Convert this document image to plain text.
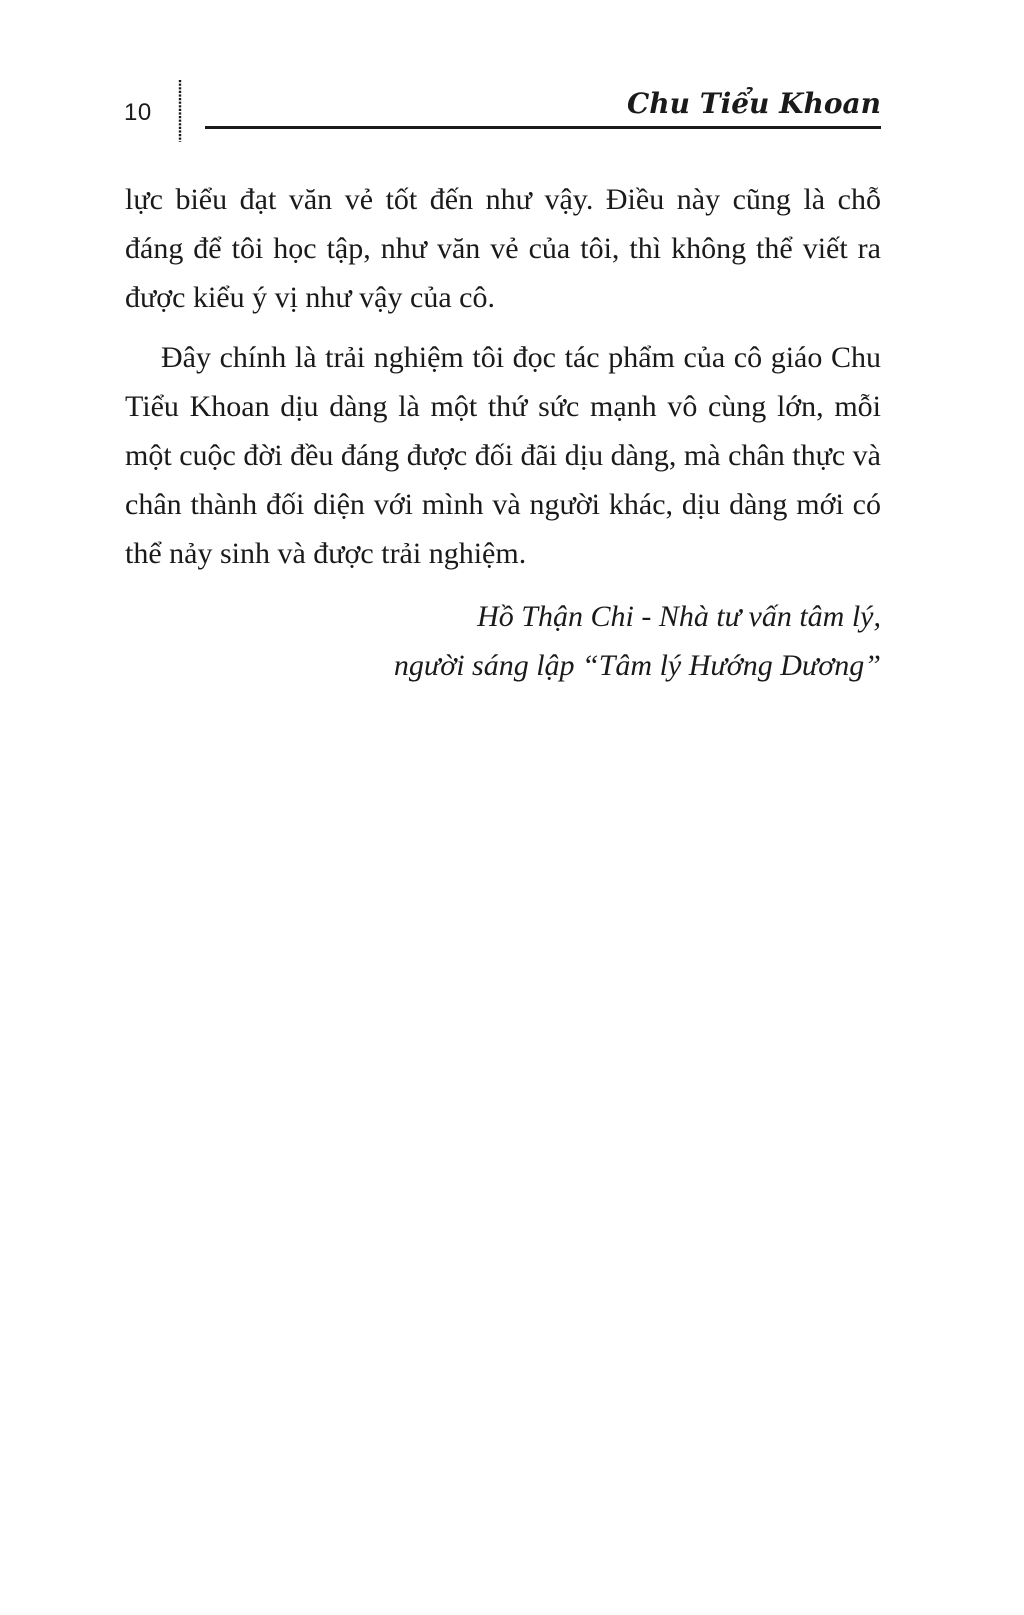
10	Chu Tiểu Khoan

lực biểu đạt văn vẻ tốt đến như vậy. Điều này cũng là chỗ đáng để tôi học tập, như văn vẻ của tôi, thì không thể viết ra được kiểu ý vị như vậy của cô.

Đây chính là trải nghiệm tôi đọc tác phẩm của cô giáo Chu Tiểu Khoan dịu dàng là một thứ sức mạnh vô cùng lớn, mỗi một cuộc đời đều đáng được đối đãi dịu dàng, mà chân thực và chân thành đối diện với mình và người khác, dịu dàng mới có thể nảy sinh và được trải nghiệm.

Hồ Thận Chi - Nhà tư vấn tâm lý,
người sáng lập “Tâm lý Hướng Dương”
